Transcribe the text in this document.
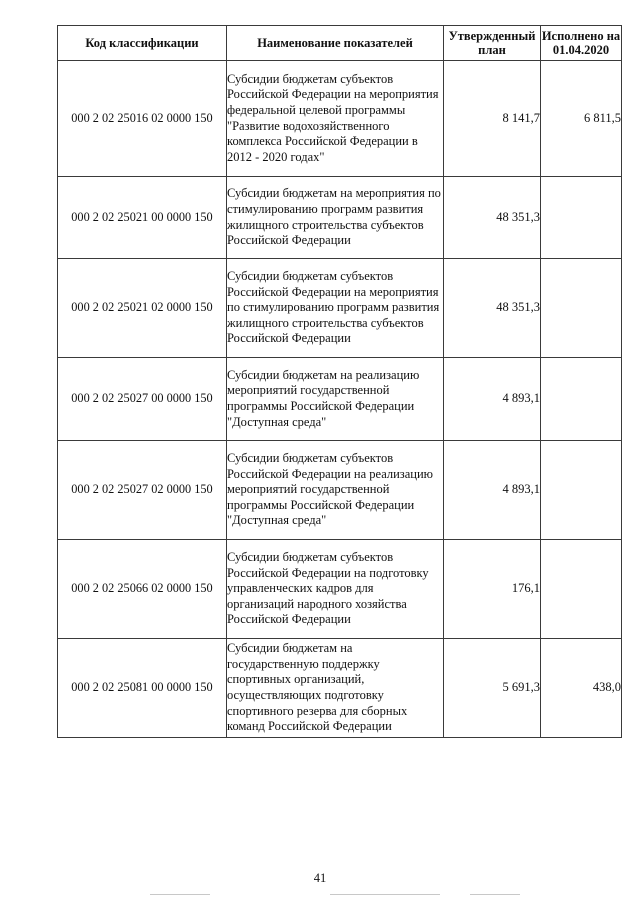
Код классификации	Наименование показателей	Утвержденный план	Исполнено на 01.04.2020
000 2 02 25016 02 0000 150	Субсидии бюджетам субъектов Российской Федерации на мероприятия федеральной целевой программы "Развитие водохозяйственного комплекса Российской Федерации в 2012 - 2020 годах"	8 141,7	6 811,5
000 2 02 25021 00 0000 150	Субсидии бюджетам на мероприятия по стимулированию программ развития жилищного строительства субъектов Российской Федерации	48 351,3	
000 2 02 25021 02 0000 150	Субсидии бюджетам субъектов Российской Федерации на мероприятия по стимулированию программ развития жилищного строительства субъектов Российской Федерации	48 351,3	
000 2 02 25027 00 0000 150	Субсидии бюджетам на реализацию мероприятий государственной программы Российской Федерации "Доступная среда"	4 893,1	
000 2 02 25027 02 0000 150	Субсидии бюджетам субъектов Российской Федерации на реализацию мероприятий государственной программы Российской Федерации "Доступная среда"	4 893,1	
000 2 02 25066 02 0000 150	Субсидии бюджетам субъектов Российской Федерации на подготовку управленческих кадров для организаций народного хозяйства Российской Федерации	176,1	
000 2 02 25081 00 0000 150	Субсидии бюджетам на государственную поддержку спортивных организаций, осуществляющих подготовку спортивного резерва для сборных команд Российской Федерации	5 691,3	438,0
41
